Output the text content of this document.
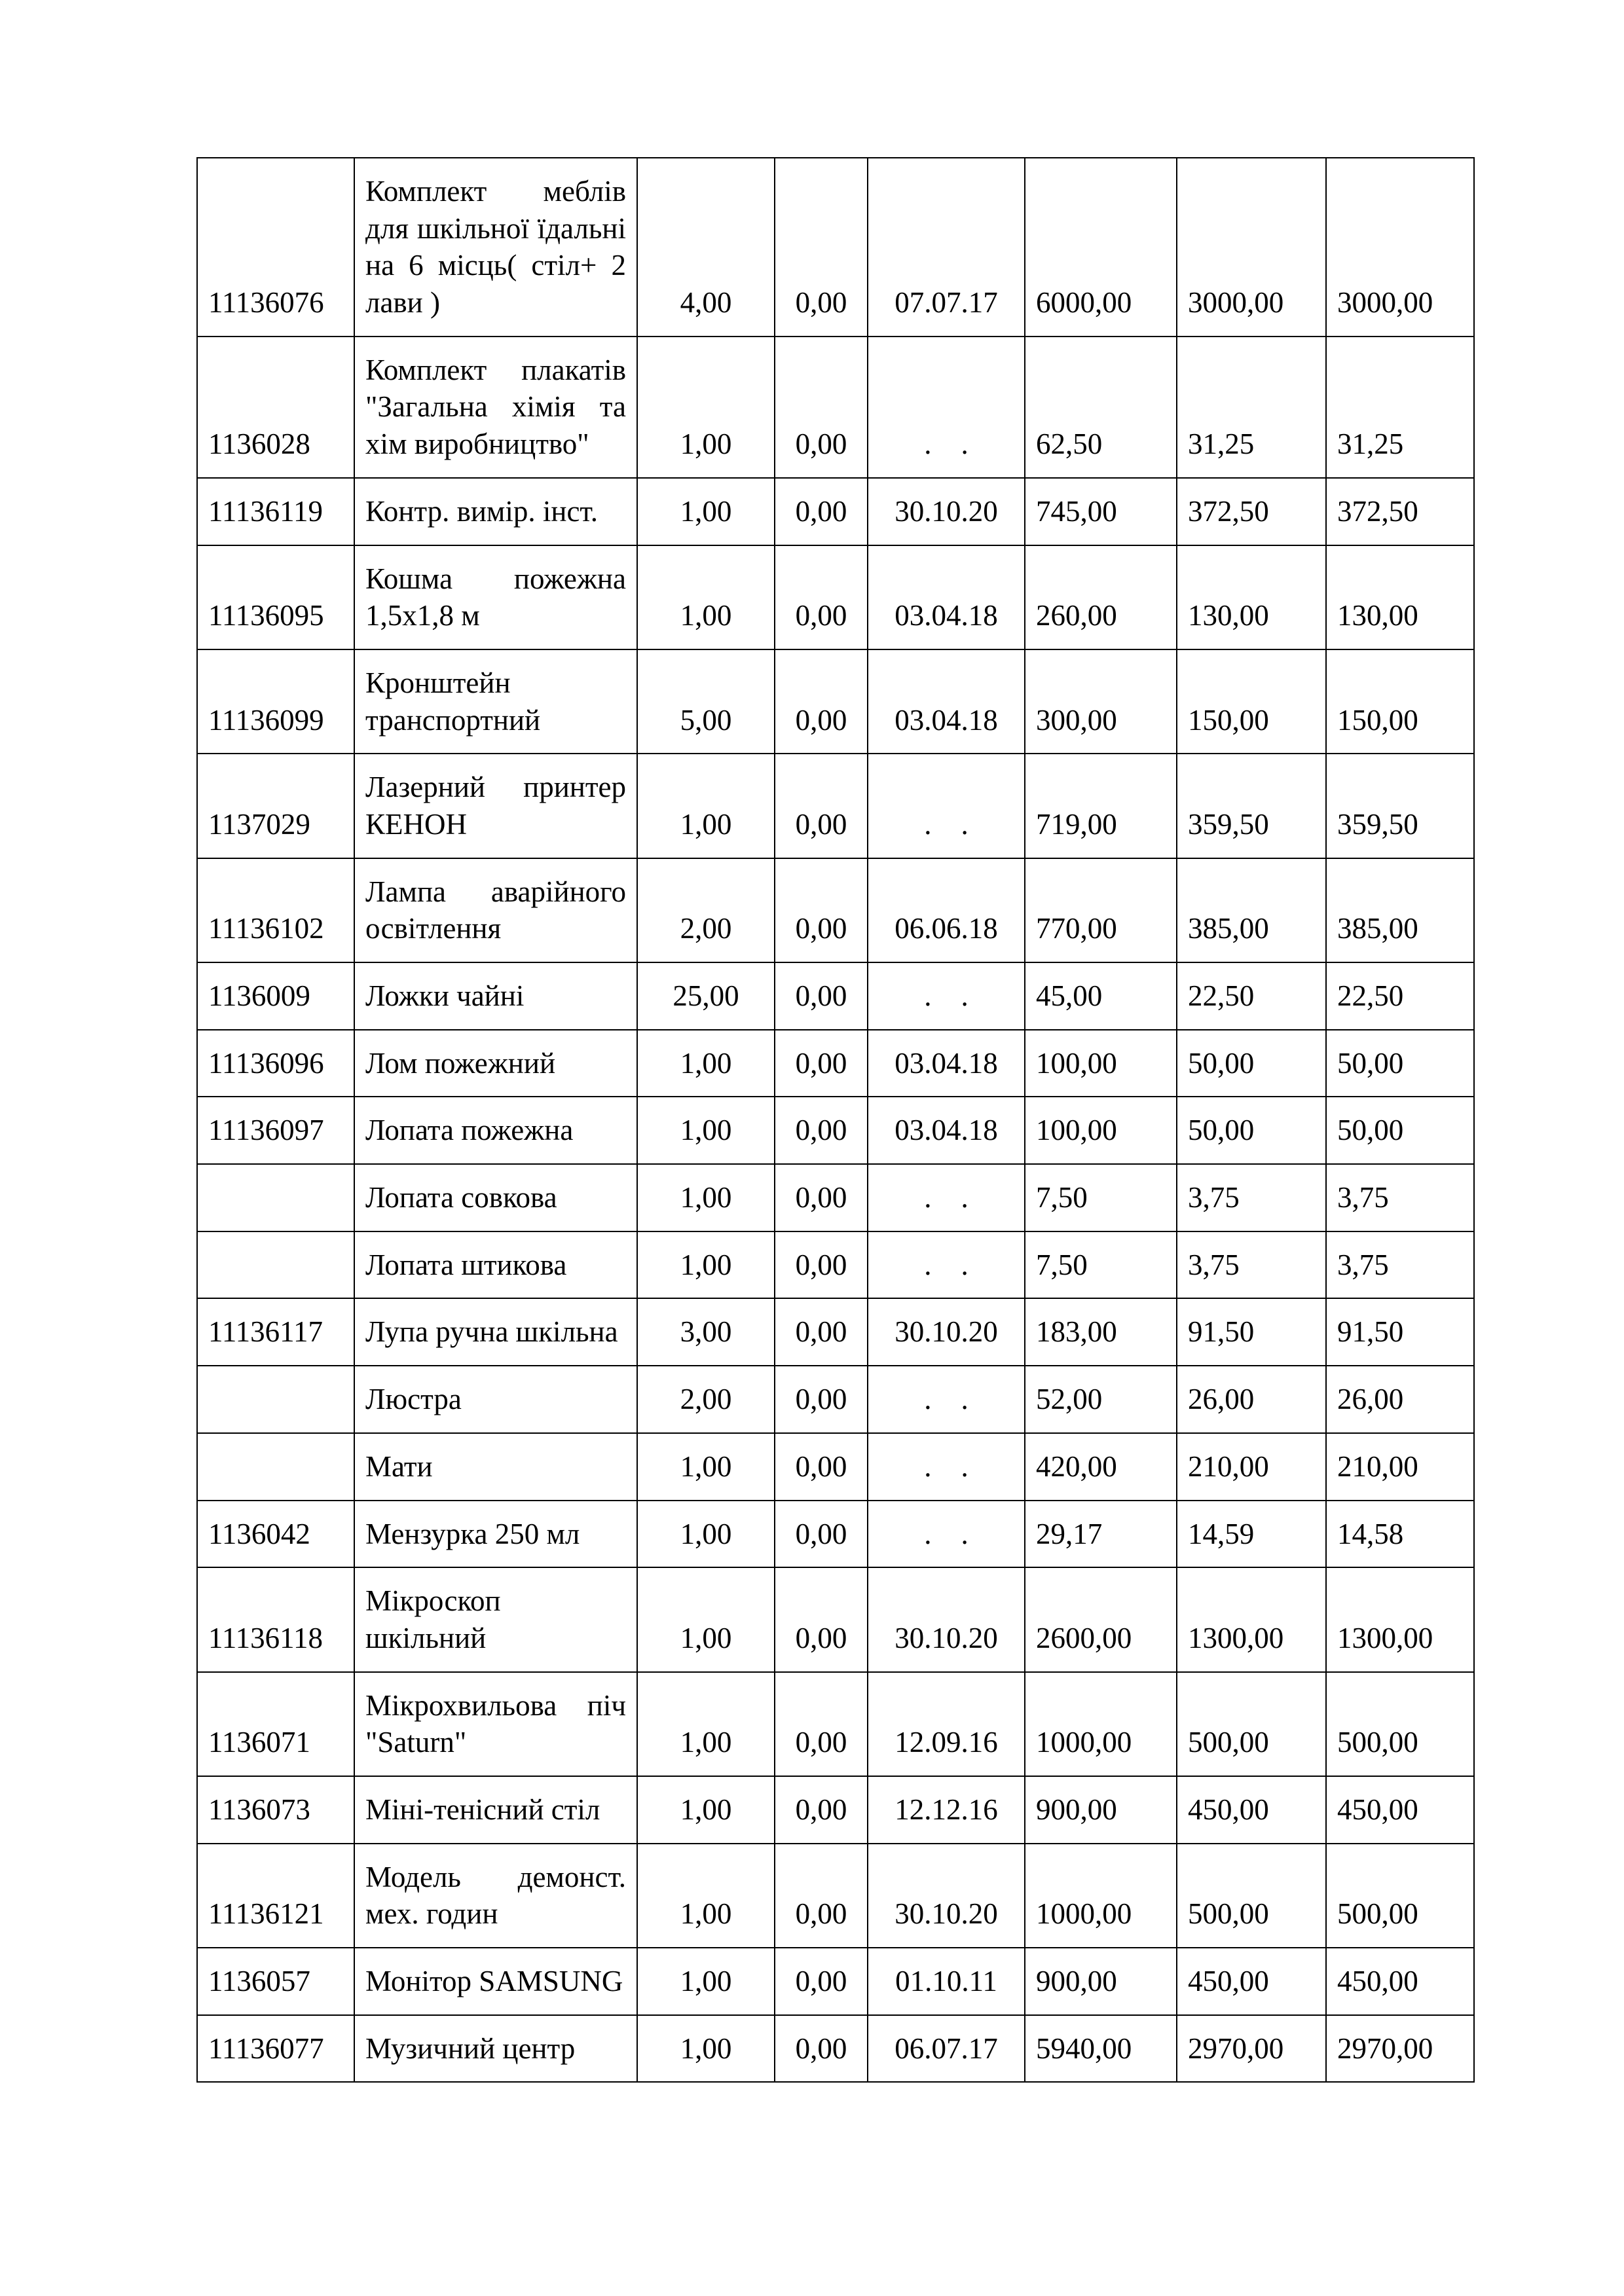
11136076	Комплект меблів для шкільної їдальні на 6 місць( стіл+ 2 лави )	4,00	0,00	07.07.17	6000,00	3000,00	3000,00
1136028	Комплект плакатів "Загальна хімія та хім виробництво"	1,00	0,00	. .	62,50	31,25	31,25
11136119	Контр. вимір. інст.	1,00	0,00	30.10.20	745,00	372,50	372,50
11136095	Кошма пожежна 1,5х1,8 м	1,00	0,00	03.04.18	260,00	130,00	130,00
11136099	Кронштейн транспортний	5,00	0,00	03.04.18	300,00	150,00	150,00
1137029	Лазерний принтер КЕНОН	1,00	0,00	. .	719,00	359,50	359,50
11136102	Лампа аварійного освітлення	2,00	0,00	06.06.18	770,00	385,00	385,00
1136009	Ложки чайні	25,00	0,00	. .	45,00	22,50	22,50
11136096	Лом пожежний	1,00	0,00	03.04.18	100,00	50,00	50,00
11136097	Лопата пожежна	1,00	0,00	03.04.18	100,00	50,00	50,00
	Лопата совкова	1,00	0,00	. .	7,50	3,75	3,75
	Лопата штикова	1,00	0,00	. .	7,50	3,75	3,75
11136117	Лупа ручна шкільна	3,00	0,00	30.10.20	183,00	91,50	91,50
	Люстра	2,00	0,00	. .	52,00	26,00	26,00
	Мати	1,00	0,00	. .	420,00	210,00	210,00
1136042	Мензурка 250 мл	1,00	0,00	. .	29,17	14,59	14,58
11136118	Мікроскоп шкільний	1,00	0,00	30.10.20	2600,00	1300,00	1300,00
1136071	Мікрохвильова піч "Saturn"	1,00	0,00	12.09.16	1000,00	500,00	500,00
1136073	Міні-тенісний стіл	1,00	0,00	12.12.16	900,00	450,00	450,00
11136121	Модель демонст. мех. годин	1,00	0,00	30.10.20	1000,00	500,00	500,00
1136057	Монітор SAMSUNG	1,00	0,00	01.10.11	900,00	450,00	450,00
11136077	Музичний центр	1,00	0,00	06.07.17	5940,00	2970,00	2970,00
